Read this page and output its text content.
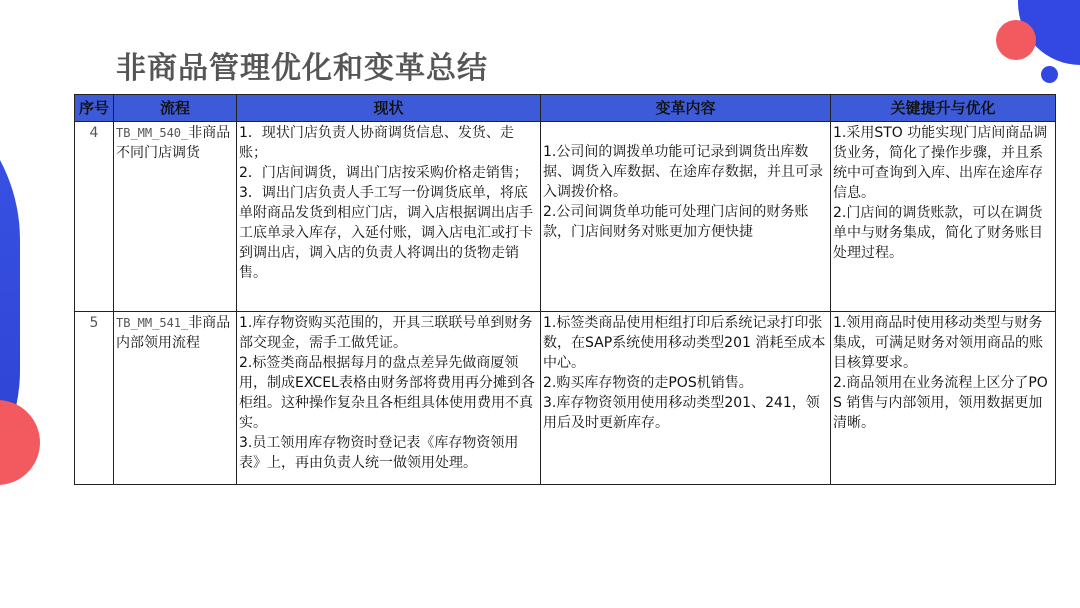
非商品管理优化和变革总结
序号	流程	现状	变革内容	关键提升与优化
4	TB_MM_540_非商品不同门店调货	1．现状门店负责人协商调货信息、发货、走账；
2．门店间调货，调出门店按采购价格走销售；
3．调出门店负责人手工写一份调货底单，将底单附商品发货到相应门店，调入店根据调出店手工底单录入库存，入延付账，调入店电汇或打卡到调出店，调入店的负责人将调出的货物走销售。	1.公司间的调拨单功能可记录到调货出库数据、调货入库数据、在途库存数据，并且可录入调拨价格。
2.公司间调货单功能可处理门店间的财务账款，门店间财务对账更加方便快捷	1.采用STO 功能实现门店间商品调货业务，简化了操作步骤，并且系统中可查询到入库、出库在途库存信息。
2.门店间的调货账款，可以在调货单中与财务集成，简化了财务账目处理过程。

5	TB_MM_541_非商品内部领用流程	1.库存物资购买范围的，开具三联联号单到财务部交现金，需手工做凭证。
2.标签类商品根据每月的盘点差异先做商厦领用，制成EXCEL表格由财务部将费用再分摊到各柜组。这种操作复杂且各柜组具体使用费用不真实。
3.员工领用库存物资时登记表《库存物资领用表》上，再由负责人统一做领用处理。	1.标签类商品使用柜组打印后系统记录打印张数，在SAP系统使用移动类型201 消耗至成本中心。
2.购买库存物资的走POS机销售。
3.库存物资领用使用移动类型201、241，领用后及时更新库存。	1.领用商品时使用移动类型与财务集成，可满足财务对领用商品的账目核算要求。
2.商品领用在业务流程上区分了POS 销售与内部领用，领用数据更加清晰。
